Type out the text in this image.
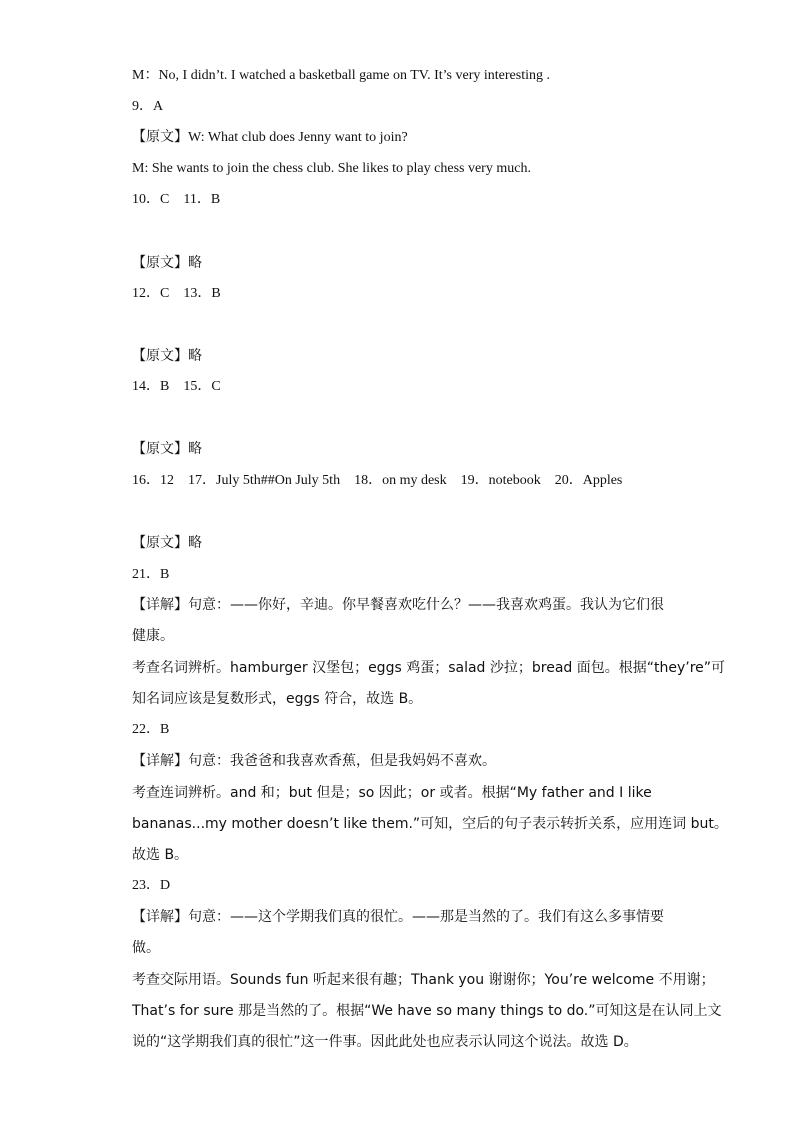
M：No, I didn’t. I watched a basketball game on TV. It’s very interesting .
9．A
【原文】W: What club does Jenny want to join?
M: She wants to join the chess club. She likes to play chess very much.
10．C　11．B
【原文】略
12．C　13．B
【原文】略
14．B　15．C
【原文】略
16．12　17．July 5th##On July 5th　18．on my desk　19．notebook　20．Apples
【原文】略
21．B
【详解】句意：——你好，辛迪。你早餐喜欢吃什么？——我喜欢鸡蛋。我认为它们很
健康。
考查名词辨析。hamburger 汉堡包；eggs 鸡蛋；salad 沙拉；bread 面包。根据“they’re”可
知名词应该是复数形式，eggs 符合，故选 B。
22．B
【详解】句意：我爸爸和我喜欢香蕉，但是我妈妈不喜欢。
考查连词辨析。and 和；but 但是；so 因此；or 或者。根据“My father and I like
bananas...my mother doesn’t like them.”可知，空后的句子表示转折关系，应用连词 but。
故选 B。
23．D
【详解】句意：——这个学期我们真的很忙。——那是当然的了。我们有这么多事情要
做。
考查交际用语。Sounds fun 听起来很有趣；Thank you 谢谢你；You’re welcome 不用谢；
That’s for sure 那是当然的了。根据“We have so many things to do.”可知这是在认同上文
说的“这学期我们真的很忙”这一件事。因此此处也应表示认同这个说法。故选 D。
